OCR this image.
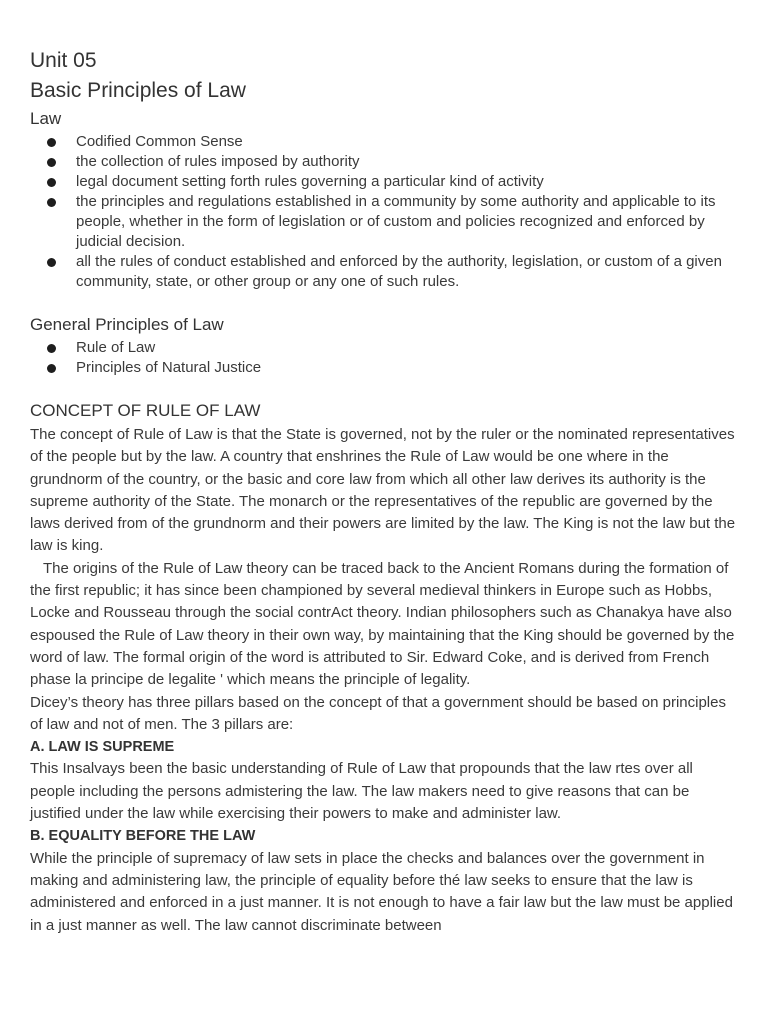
Unit 05
Basic Principles of Law
Law
Codified Common Sense
the collection of rules imposed by authority
legal document setting forth rules governing a particular kind of activity
the principles and regulations established in a community by some authority and applicable to its people, whether in the form of legislation or of custom and policies recognized and enforced by judicial decision.
all the rules of conduct established and enforced by the authority, legislation, or custom of a given community, state, or other group or any one of such rules.
General Principles of Law
Rule of Law
Principles of Natural Justice
CONCEPT OF RULE OF LAW

The concept of Rule of Law is that the State is governed, not by the ruler or the nominated representatives of the people but by the law. A country that enshrines the Rule of Law would be one where in the grundnorm of the country, or the basic and core law from which all other law derives its authority is the supreme authority of the State. The monarch or the representatives of the republic are governed by the laws derived from of the grundnorm and their powers are limited by the law. The King is not the law but the law is king.

The origins of the Rule of Law theory can be traced back to the Ancient Romans during the formation of the first republic; it has since been championed by several medieval thinkers in Europe such as Hobbs, Locke and Rousseau through the social contrAct theory. Indian philosophers such as Chanakya have also espoused the Rule of Law theory in their own way, by maintaining that the King should be governed by the word of law. The formal origin of the word is attributed to Sir. Edward Coke, and is derived from French phase la principe de legalite ' which means the principle of legality.

Dicey’s theory has three pillars based on the concept of that a government should be based on principles of law and not of men. The 3 pillars are:

A. LAW IS SUPREME

This Insalvays been the basic understanding of Rule of Law that propounds that the law rtes over all people including the persons admistering the law. The law makers need to give reasons that can be justified under the law while exercising their powers to make and administer law.

B. EQUALITY BEFORE THE LAW

While the principle of supremacy of law sets in place the checks and balances over the government in making and administering law, the principle of equality before thé law seeks to ensure that the law is administered and enforced in a just manner. It is not enough to have a fair law but the law must be applied in a just manner as well. The law cannot discriminate between
